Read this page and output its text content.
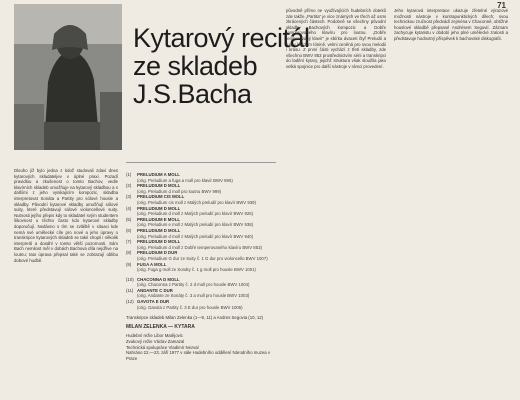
71
Kytarový recitál
ze skladeb
J.S.Bacha

Dlouho již bylo jedna z kdož studovali zdavi dnes kytarových skladateljev v úplné praxi. Pozadí pravidlou a zkušenost o tomto Bachov, vedle klavírních skladeb umožňuje na kytarový skladbou a s dalšími z jeho vynikajícím kompozic, skladba interpretovat Sonáta a Partity pro sólové housle a skladby. Původní kytarové skladby umožňují sólové suity, které představují sólové violoncellové suity. Nutnosti jejího přepis kdy to skladatel svým studentem šikovnost u těchto často kdo kytarové skladby doporučují. Nedávno s tím se zvláště v situaci kde nemá své umělecké cíle pro nové a jeho úpravy o transkripce kytarových skladeb se také chopil i několik interpretů a dosáhl v tomto větší pozornosti. Sám Bach nemilost měl v dobách Bachova díla nejdříve na loutnu; tato úprava přepsal také se zobrazují oblibu dobové hudbě.

(1)	PRELUDIUM A MOLL
(orig. Preludium a fuga a moll pro klavír BWV 895)
(2)	PRELUDIUM D MOLL
(orig. Preludium d moll pro loutnu BWV 999)
(3)	PRELUDIUM CIS MOLL
(orig. Preludium cis moll z Malých preludií pro klavír BWV 939)
(4)	PRELUDIUM D MOLL
(orig. Preludium d moll z Malých preludií pro klavír BWV 926)
(5)	PRELUDIUM E MOLL
(orig. Preludium e moll z Malých preludií pro klavír BWV 938)
(6)	PRELUDIUM D MOLL
(orig. Preludium d moll z Malých preludií pro klavír BWV 940)
(7)	PRELUDIUM D MOLL
(orig. Preludium d moll z Dobře temperovaného klavíru BWV 853)
(8)	PRELUDIUM D DUR
(orig. Preludium G dur ze Suity č. 1 G dur pro violoncello BWV 1007)
(9)	FUGA A MOLL
(orig. Fuga g moll ze Sonáty č. 1 g moll pro housle BWV 1001)
(10) CHACONNA D MOLL
(orig. Chaconna z Partity č. 2 d moll pro housle BWV 1004)
(11) ANDANTE C DUR
(orig. Andante ze Sonáty č. 3 a moll pro housle BWV 1003)
(12) GAVOTA E DUR
(orig. Gavota z Partity č. 3 E dur pro housle BWV 1006)
Transkripce skladeb Milan Zelenka (1—9, 11) a Andres Segovia (10, 12)
MILAN ZELENKA — KYTARA
Hudební režie Libor Matějovic
Zvukový režie Václav Zamazal
Technická spolupráce Vladimír Nezval
Nahráno 22.—23. září 1977 v sále Hudebního oddělení Národního muzea v Praze

původně přímo ne využívajících hudebních doteků zde takže „Partita“ je více známých ve třech až osmi zkrácených částech. Podobně se všechny původní skladby Bachových kompozic a Dobře temperovaného klavíru pro loutnu. „Dobře temperovaný klavír“ je sbírka dvaceti čtyř Preludií a fug v každém tónině, velmi ceněná pro svou melodii i krásu. Z první části vychází z třetí skladby, zde všechno BWV 853 prostřednictvím sérii a transkripci do ladění kytary, jejichž struktura však sloužila jako velká spojnice pro další nástroje v rámci provedení.

Jeho kytarová interpretace ukazuje zřetelné výrazové možnosti nástroje v kontrapunktických dílech; svou technickou zručnost předvádí zejména v Chaconně, obtížné houslové skladbě přepsané Andrésem Segovií. Záznam zachycuje kytaristu v období jeho plné umělecké zralosti a představuje hodnotný příspěvek k bachovské diskografii.
